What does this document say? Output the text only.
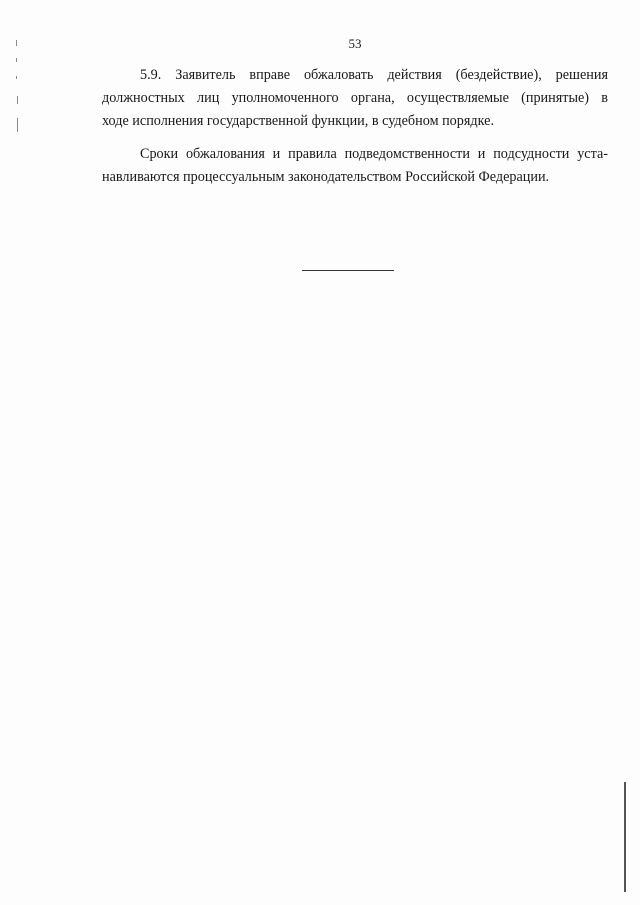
53
5.9. Заявитель вправе обжаловать действия (бездействие), решения
должностных лиц уполномоченного органа, осуществляемые (принятые) в
ходе исполнения государственной функции, в судебном порядке.
Сроки обжалования и правила подведомственности и подсудности уста-
навливаются процессуальным законодательством Российской Федерации.
